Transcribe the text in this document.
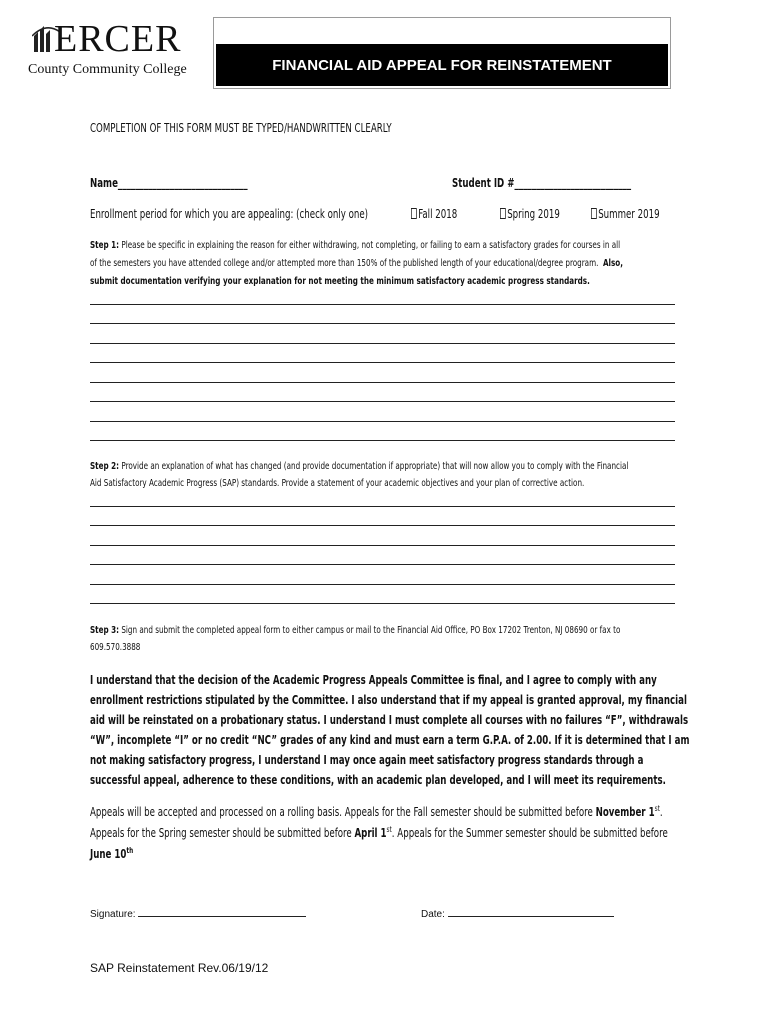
ERCER
County Community College	FINANCIAL AID APPEAL FOR REINSTATEMENT
COMPLETION OF THIS FORM MUST BE TYPED/HANDWRITTEN CLEARLY
Name______________________________	Student ID #___________________________
Enrollment period for which you are appealing: (check only one)	Fall 2018	Spring 2019	Summer 2019
Step 1: Please be specific in explaining the reason for either withdrawing, not completing, or failing to earn a satisfactory grades for courses in all
of the semesters you have attended college and/or attempted more than 150% of the published length of your educational/degree program. Also,
submit documentation verifying your explanation for not meeting the minimum satisfactory academic progress standards.
Step 2: Provide an explanation of what has changed (and provide documentation if appropriate) that will now allow you to comply with the Financial
Aid Satisfactory Academic Progress (SAP) standards. Provide a statement of your academic objectives and your plan of corrective action.
Step 3: Sign and submit the completed appeal form to either campus or mail to the Financial Aid Office, PO Box 17202 Trenton, NJ 08690 or fax to
609.570.3888
I understand that the decision of the Academic Progress Appeals Committee is final, and I agree to comply with any
enrollment restrictions stipulated by the Committee. I also understand that if my appeal is granted approval, my financial
aid will be reinstated on a probationary status. I understand I must complete all courses with no failures “F”, withdrawals
“W”, incomplete “I” or no credit “NC” grades of any kind and must earn a term G.P.A. of 2.00. If it is determined that I am
not making satisfactory progress, I understand I may once again meet satisfactory progress standards through a
successful appeal, adherence to these conditions, with an academic plan developed, and I will meet its requirements.
Appeals will be accepted and processed on a rolling basis. Appeals for the Fall semester should be submitted before November 1st.
Appeals for the Spring semester should be submitted before April 1st. Appeals for the Summer semester should be submitted before
June 10th
Signature:	Date:
SAP Reinstatement Rev.06/19/12
